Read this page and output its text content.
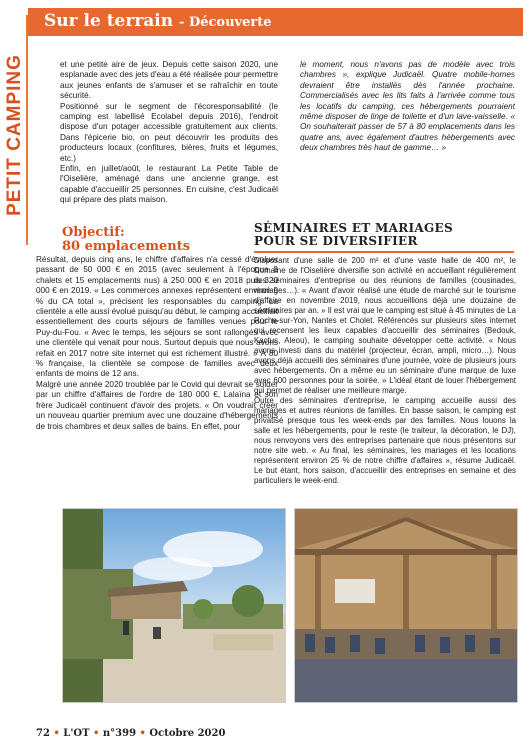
PETIT CAMPING
Sur le terrain - Découverte

et une petite aire de jeux. Depuis cette saison 2020, une esplanade avec des jets d'eau a été réalisée pour permettre aux jeunes enfants de s'amuser et se rafraîchir en toute sécurité.

Positionné sur le segment de l'écoresponsabilité (le camping est labellisé Ecolabel depuis 2016), l'endroit dispose d'un potager accessible gratuitement aux clients. Dans l'épicerie bio, on peut découvrir les produits des producteurs locaux (confitures, bières, fruits et légumes, etc.)

Enfin, en juillet/août, le restaurant La Petite Table de l'Oiselière, aménagé dans une ancienne grange, est capable d'accueillir 25 personnes. En cuisine, c'est Judicaël qui prépare des plats maison.

le moment, nous n'avons pas de modèle avec trois chambres », explique Judicaël. Quatre mobile-homes devraient être installés dès l'année prochaine. Commercialisés avec les lits faits à l'arrivée comme tous les locatifs du camping, ces hébergements pourraient même disposer de linge de toilette et d'un lave-vaisselle. « On souhaiterait passer de 57 à 80 emplacements dans les quatre ans, avec également d'autres hébergements avec deux chambres très haut de gamme… »

Objectif:
80 emplacements

Résultat, depuis cinq ans, le chiffre d'affaires n'a cessé d'évoluer passant de 50 000 € en 2015 (avec seulement à l'époque 8 chalets et 15 emplacements nus) à 250 000 € en 2018 puis 320 000 € en 2019. « Les commerces annexes représentent environ 9 % du CA total », précisent les responsables du camping. La clientèle a elle aussi évolué puisqu'au début, le camping accueillait essentiellement des courts séjours de familles venues pour le Puy-du-Fou. « Avec le temps, les séjours se sont rallongés avec une clientèle qui venait pour nous. Surtout depuis que nous avons refait en 2017 notre site internet qui est richement illustré. » À 80 % française, la clientèle se compose de familles avec deux enfants de moins de 12 ans.

Malgré une année 2020 troublée par le Covid qui devrait se solder par un chiffre d'affaires de l'ordre de 180 000 €, Lalaïna et son frère Judicaël continuent d'avoir des projets. « On voudrait créer un nouveau quartier premium avec une douzaine d'hébergements de trois chambres et deux salles de bains. En effet, pour

SÉMINAIRES ET MARIAGES
POUR SE DIVERSIFIER

Disposant d'une salle de 200 m² et d'une vaste halle de 400 m², le Domaine de l'Oiselière diversifie son activité en accueillant régulièrement des séminaires d'entreprise ou des réunions de familles (cousinades, mariages…). « Avant d'avoir réalisé une étude de marché sur le tourisme d'affaire en novembre 2019, nous accueillions déjà une douzaine de séminaires par an. » Il est vrai que le camping est situé à 45 minutes de La Roche-sur-Yon, Nantes et Cholet. Référencés sur plusieurs sites internet qui recensent les lieux capables d'accueillir des séminaires (Bedouk, Kactus, Aleou), le camping souhaite développer cette activité. « Nous avons investi dans du matériel (projecteur, écran, ampli, micro…). Nous avons déjà accueilli des séminaires d'une journée, voire de plusieurs jours avec hébergements. On a même eu un séminaire d'une marque de luxe avec 600 personnes pour la soirée. » L'idéal étant de louer l'hébergement qui permet de réaliser une meilleure marge.

Outre des séminaires d'entreprise, le camping accueille aussi des mariages et autres réunions de familles. En basse saison, le camping est privatisé presque tous les week-ends par des familles. Nous louons la salle et les hébergements, pour le reste (le traiteur, la décoration, le DJ), nous renvoyons vers des entreprises partenaire que nous présentons sur notre site web. « Au final, les séminaires, les mariages et les locations représentent environ 25 % de notre chiffre d'affaires », résume Judicaël. Le but étant, hors saison, d'accueillir des entreprises en semaine et des particuliers le week-end.

72 • L'OT • n°399 • Octobre 2020
